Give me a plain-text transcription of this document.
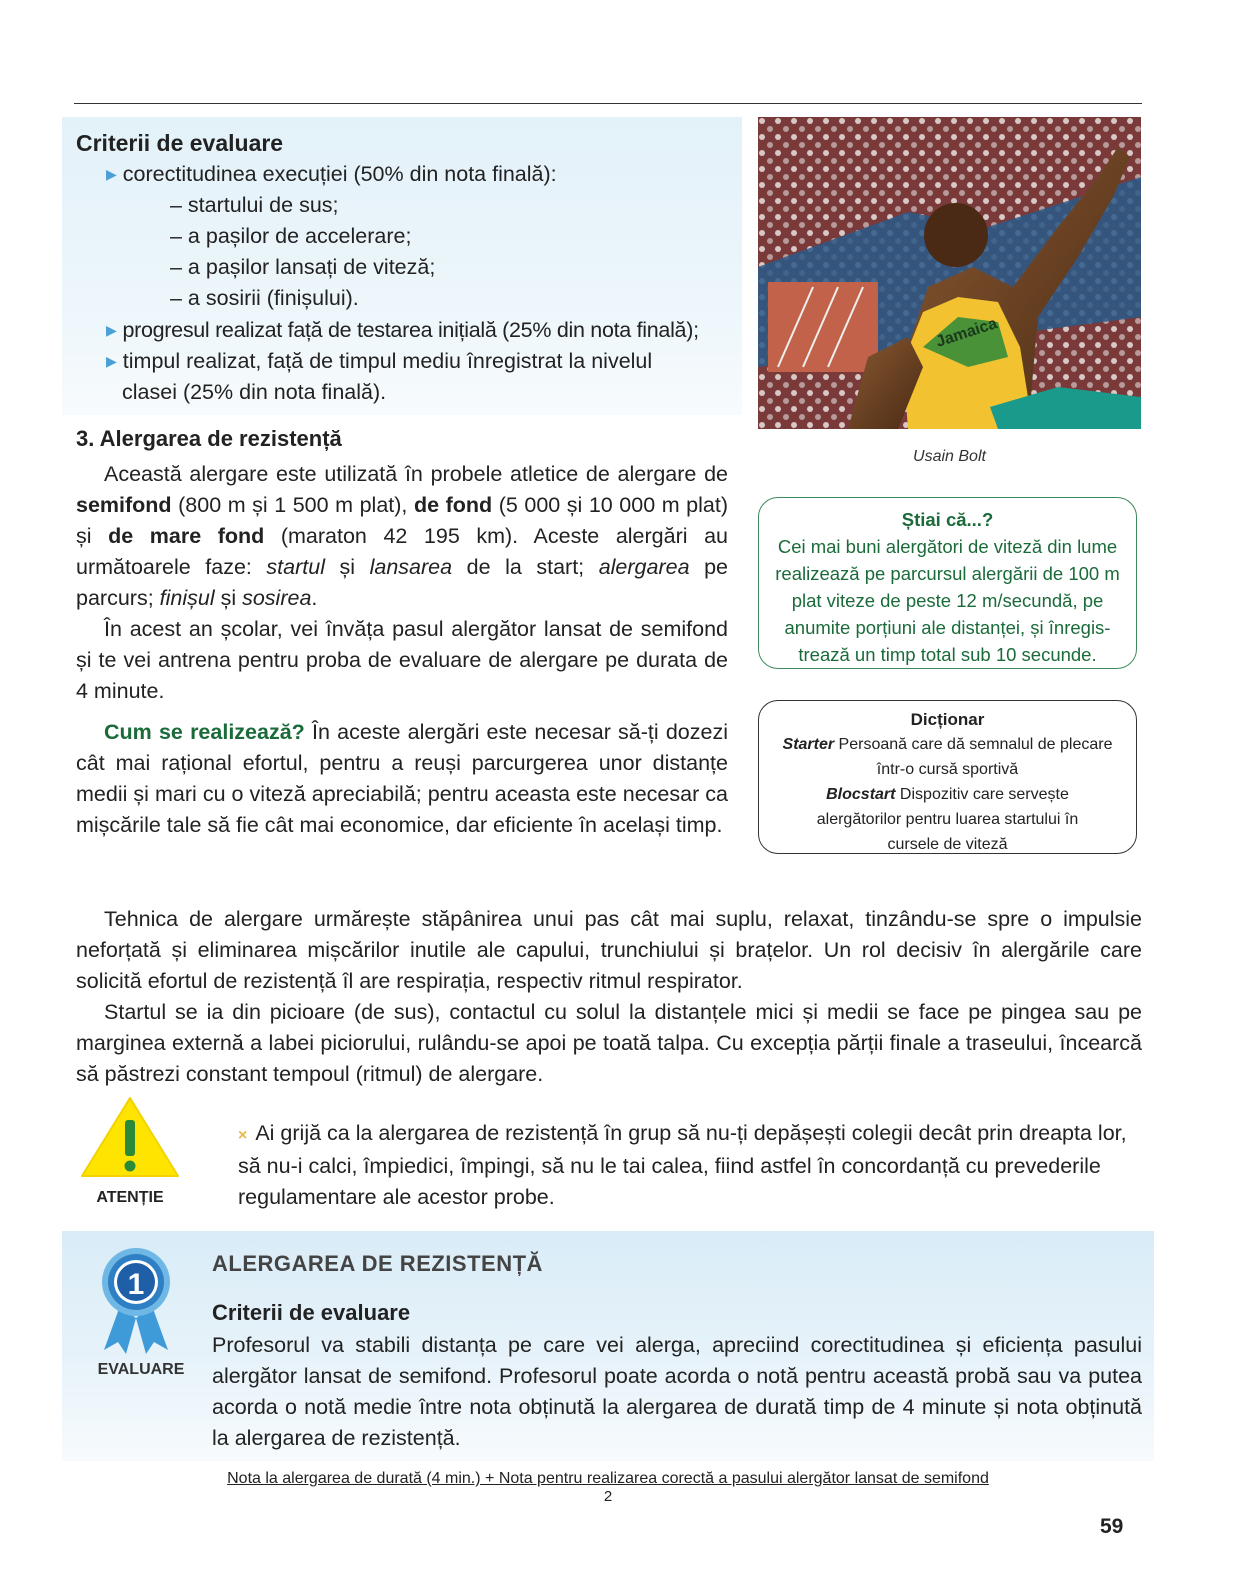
Criterii de evaluare
▶ corectitudinea execuției (50% din nota finală):
– startului de sus;
– a pașilor de accelerare;
– a pașilor lansați de viteză;
– a sosirii (finișului).
▶ progresul realizat față de testarea inițială (25% din nota finală);
▶ timpul realizat, față de timpul mediu înregistrat la nivelul
clasei (25% din nota finală).
3. Alergarea de rezistență

Această alergare este utilizată în probele atletice de alergare de semifond (800 m și 1 500 m plat), de fond (5 000 și 10 000 m plat) și de mare fond (maraton 42 195 km). Aceste alergări au următoarele faze: startul și lansarea de la start; alergarea pe parcurs; finișul și sosirea.

În acest an școlar, vei învăța pasul alergător lansat de semifond și te vei antrena pentru proba de evaluare de alergare pe durata de 4 minute.

Cum se realizează? În aceste alergări este necesar să-ți dozezi cât mai rațional efortul, pentru a reuși parcurgerea unor distanțe medii și mari cu o viteză apreciabilă; pentru aceasta este necesar ca mișcările tale să fie cât mai economice, dar eficiente în același timp.

Jamaica
Usain Bolt
Știai că...?
Cei mai buni alergători de viteză din lume
realizează pe parcursul alergării de 100 m
plat viteze de peste 12 m/secundă, pe
anumite porțiuni ale distanței, și înregis-
trează un timp total sub 10 secunde.
Dicționar
Starter Persoană care dă semnalul de plecare
într-o cursă sportivă
Blocstart Dispozitiv care servește
alergătorilor pentru luarea startului în
cursele de viteză

Tehnica de alergare urmărește stăpânirea unui pas cât mai suplu, relaxat, tinzându-se spre o impulsie neforțată și eliminarea mișcărilor inutile ale capului, trunchiului și brațelor. Un rol decisiv în alergările care solicită efortul de rezistență îl are respirația, respectiv ritmul respirator.

Startul se ia din picioare (de sus), contactul cu solul la distanțele mici și medii se face pe pingea sau pe marginea externă a labei piciorului, rulându-se apoi pe toată talpa. Cu excepția părții finale a traseului, încearcă să păstrezi constant tempoul (ritmul) de alergare.

ATENȚIE
× Ai grijă ca la alergarea de rezistență în grup să nu-ți depășești colegii decât prin dreapta lor, să nu-i calci, împiedici, împingi, să nu le tai calea, fiind astfel în concordanță cu prevederile regulamentare ale acestor probe.
1
EVALUARE
ALERGAREA DE REZISTENȚĂ
Criterii de evaluare
Profesorul va stabili distanța pe care vei alerga, apreciind corectitudinea și eficiența pasului alergător lansat de semifond. Profesorul poate acorda o notă pentru această probă sau va putea acorda o notă medie între nota obținută la alergarea de durată timp de 4 minute și nota obținută la alergarea de rezistență.
Nota la alergarea de durată (4 min.) + Nota pentru realizarea corectă a pasului alergător lansat de semifond
2
59
